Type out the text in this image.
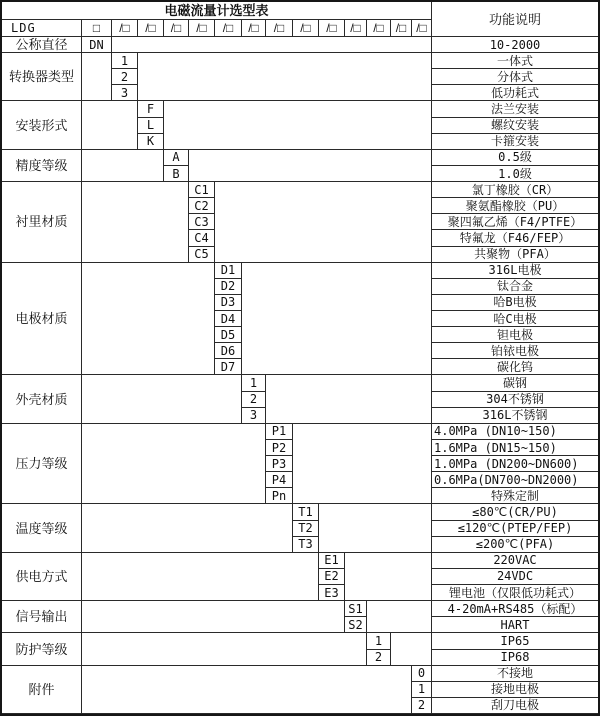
电磁流量计选型表
功能说明
LDG	□	/□	/□	/□	/□	/□	/□	/□	/□	/□	/□	/□ /□ /□
公称直径	DN	10-2000
转换器类型
1	一体式
2	分体式
3	低功耗式
安装形式
F	法兰安装
L	螺纹安装
K	卡箍安装
精度等级
A	0.5级
B	1.0级
衬里材质
C1	氯丁橡胶（CR）
C2	聚氨酯橡胶（PU）
C3	聚四氟乙烯（F4/PTFE）
C4	特氟龙（F46/FEP）
C5	共聚物（PFA）
电极材质
D1	316L电极
D2	钛合金
D3	哈B电极
D4	哈C电极
D5	钽电极
D6	铂铱电极
D7	碳化钨
外壳材质
1	碳钢
2	304不锈钢
3	316L不锈钢
压力等级
P1	4.0MPa (DN10~150)
P2	1.6MPa (DN15~150)
P3	1.0MPa (DN200~DN600)
P4	0.6MPa(DN700~DN2000)
Pn	特殊定制
温度等级
T1	≤80℃(CR/PU)
T2	≤120℃(PTEP/FEP)
T3	≤200℃(PFA)
供电方式
E1	220VAC
E2	24VDC
E3	锂电池（仅限低功耗式）
信号输出
S1	4-20mA+RS485（标配）
S2	HART
防护等级
1	IP65
2	IP68
附件
0	不接地
1	接地电极
2	刮刀电极
